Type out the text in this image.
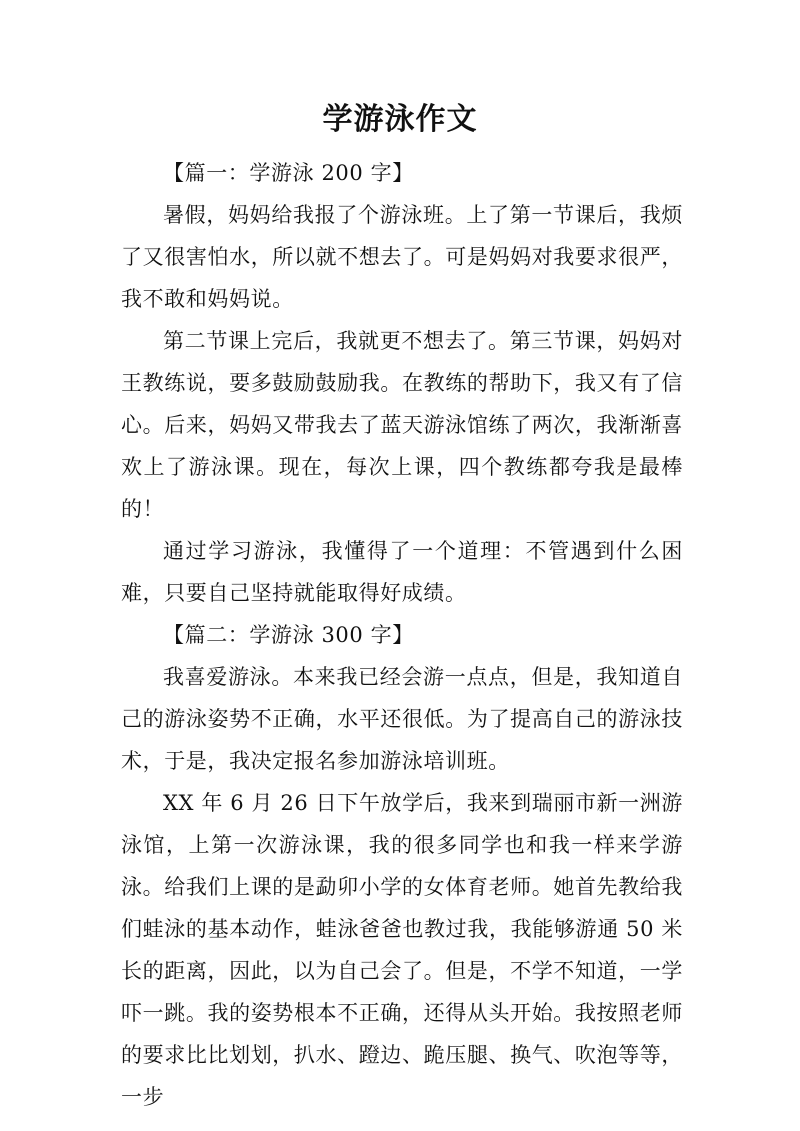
学游泳作文

【篇一：学游泳 200 字】

暑假，妈妈给我报了个游泳班。上了第一节课后，我烦了又很害怕水，所以就不想去了。可是妈妈对我要求很严，我不敢和妈妈说。

第二节课上完后，我就更不想去了。第三节课，妈妈对王教练说，要多鼓励鼓励我。在教练的帮助下，我又有了信心。后来，妈妈又带我去了蓝天游泳馆练了两次，我渐渐喜欢上了游泳课。现在，每次上课，四个教练都夸我是最棒的！

通过学习游泳，我懂得了一个道理：不管遇到什么困难，只要自己坚持就能取得好成绩。

【篇二：学游泳 300 字】

我喜爱游泳。本来我已经会游一点点，但是，我知道自己的游泳姿势不正确，水平还很低。为了提高自己的游泳技术，于是，我决定报名参加游泳培训班。

XX 年 6 月 26 日下午放学后，我来到瑞丽市新一洲游泳馆，上第一次游泳课，我的很多同学也和我一样来学游泳。给我们上课的是勐卯小学的女体育老师。她首先教给我们蛙泳的基本动作，蛙泳爸爸也教过我，我能够游通 50 米长的距离，因此，以为自己会了。但是，不学不知道，一学吓一跳。我的姿势根本不正确，还得从头开始。我按照老师的要求比比划划，扒水、蹬边、跪压腿、换气、吹泡等等，一步
